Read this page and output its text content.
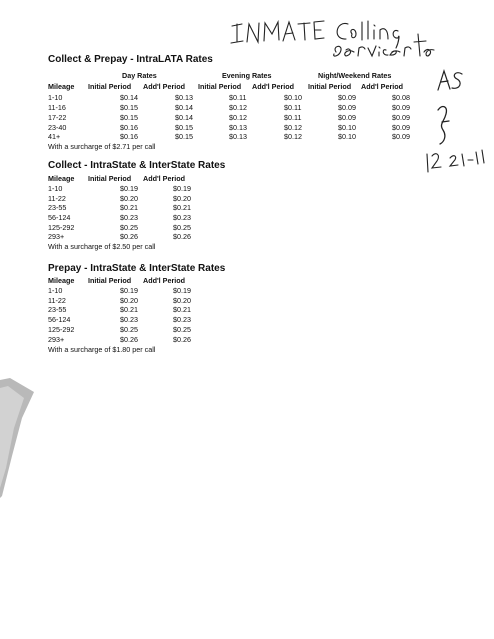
Collect & Prepay - IntraLATA Rates
Day Rates	Evening Rates	Night/Weekend Rates
Mileage Initial Period Add'l Period Initial Period Add'l Period Initial Period Add'l Period
1-10	$0.14	$0.13	$0.11	$0.10	$0.09	$0.08
11-16	$0.15	$0.14	$0.12	$0.11	$0.09	$0.09
17-22	$0.15	$0.14	$0.12	$0.11	$0.09	$0.09
23-40	$0.16	$0.15	$0.13	$0.12	$0.10	$0.09
41+	$0.16	$0.15	$0.13	$0.12	$0.10	$0.09
With a surcharge of $2.71 per call
Collect - IntraState & InterState Rates
Mileage Initial Period Add'l Period
1-10	$0.19	$0.19
11-22	$0.20	$0.20
23-55	$0.21	$0.21
56-124	$0.23	$0.23
125-292	$0.25	$0.25
293+	$0.26	$0.26
With a surcharge of $2.50 per call
Prepay - IntraState & InterState Rates
Mileage Initial Period Add'l Period
1-10	$0.19	$0.19
11-22	$0.20	$0.20
23-55	$0.21	$0.21
56-124	$0.23	$0.23
125-292	$0.25	$0.25
293+	$0.26	$0.26
With a surcharge of $1.80 per call
